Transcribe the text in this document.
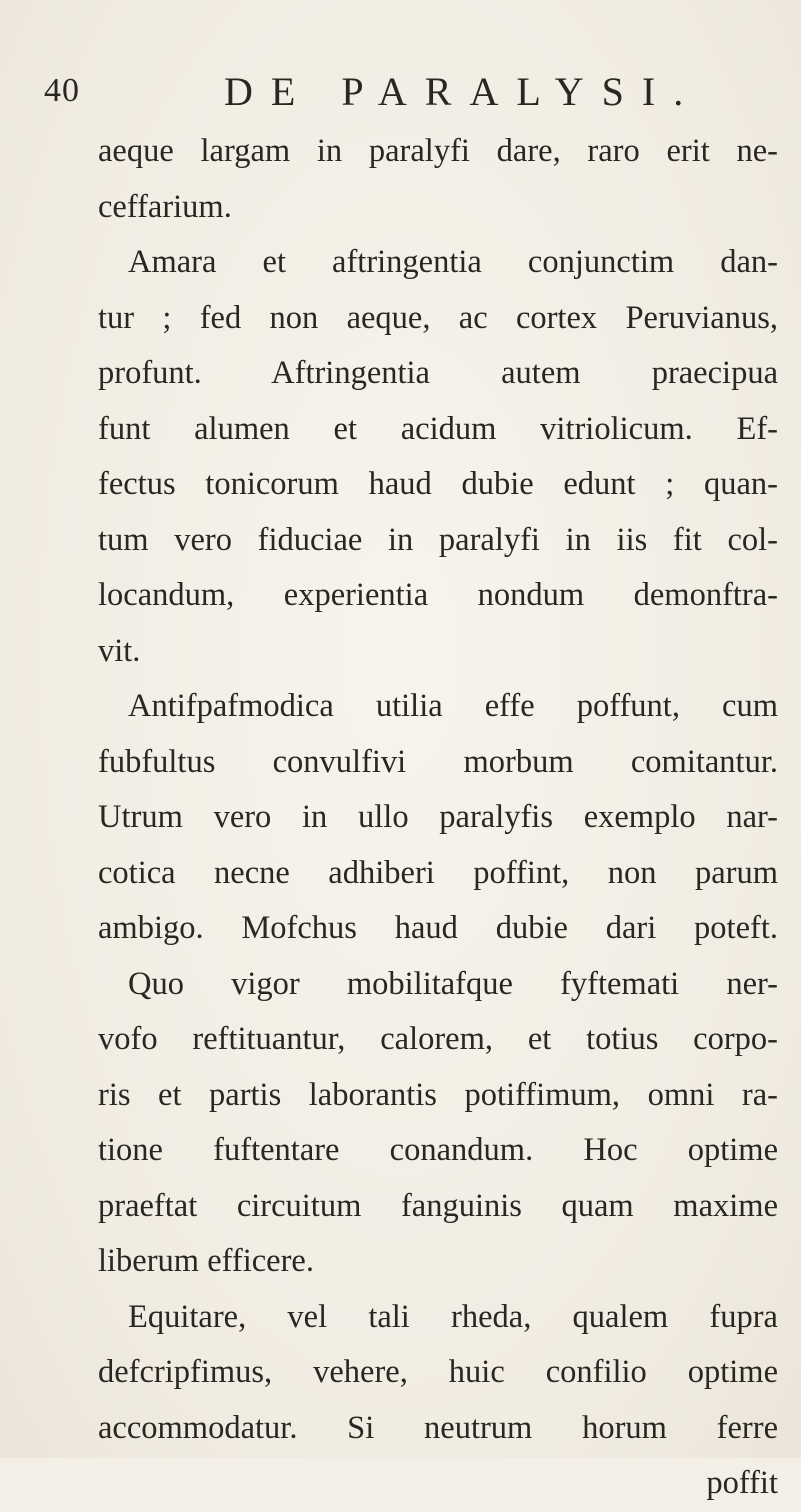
40	DE PARALYSI.
aeque largam in paralyfi dare, raro erit ne-
ceffarium.
Amara et aftringentia conjunctim dan-
tur ; fed non aeque, ac cortex Peruvianus,
profunt. Aftringentia autem praecipua
funt alumen et acidum vitriolicum. Ef-
fectus tonicorum haud dubie edunt ; quan-
tum vero fiduciae in paralyfi in iis fit col-
locandum, experientia nondum demonftra-
vit.
Antifpafmodica utilia effe poffunt, cum
fubfultus convulfivi morbum comitantur.
Utrum vero in ullo paralyfis exemplo nar-
cotica necne adhiberi poffint, non parum
ambigo. Mofchus haud dubie dari poteft.
Quo vigor mobilitafque fyftemati ner-
vofo reftituantur, calorem, et totius corpo-
ris et partis laborantis potiffimum, omni ra-
tione fuftentare conandum. Hoc optime
praeftat circuitum fanguinis quam maxime
liberum efficere.
Equitare, vel tali rheda, qualem fupra
defcripfimus, vehere, huic confilio optime
accommodatur. Si neutrum horum ferre
poffit
